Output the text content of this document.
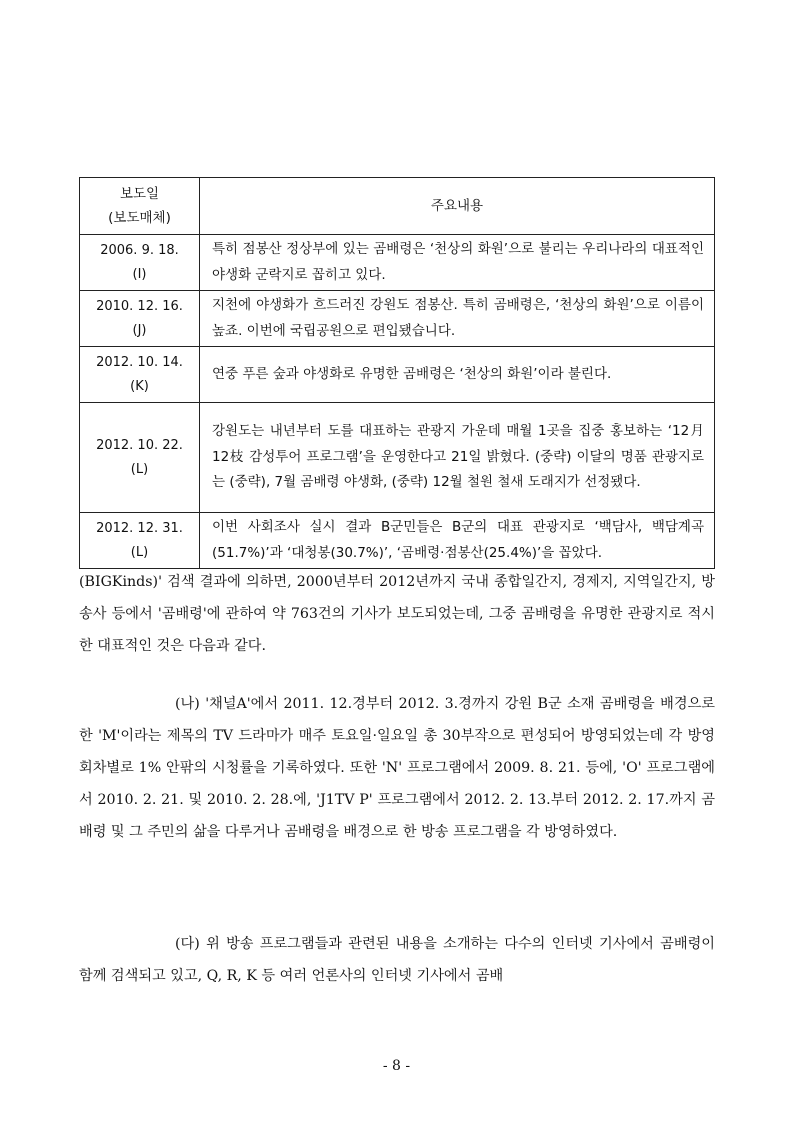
보도일
(보도매체)	주요내용

2006. 9. 18.
(I)	특히 점봉산 정상부에 있는 곰배령은 ‘천상의 화원’으로 불리는 우리나라의 대표적인 야생화 군락지로 꼽히고 있다.

2010. 12. 16.
(J)	지천에 야생화가 흐드러진 강원도 점봉산. 특히 곰배령은, ‘천상의 화원’으로 이름이 높죠. 이번에 국립공원으로 편입됐습니다.

2012. 10. 14.
(K)	연중 푸른 숲과 야생화로 유명한 곰배령은 ‘천상의 화원’이라 불린다.

2012. 10. 22.
(L)	강원도는 내년부터 도를 대표하는 관광지 가운데 매월 1곳을 집중 홍보하는 ‘12月 12枝 감성투어 프로그램’을 운영한다고 21일 밝혔다. (중략) 이달의 명품 관광지로는 (중략), 7월 곰배령 야생화, (중략) 12월 철원 철새 도래지가 선정됐다.

2012. 12. 31.
(L)	이번 사회조사 실시 결과 B군민들은 B군의 대표 관광지로 ‘백담사, 백담계곡(51.7%)’과 ‘대청봉(30.7%)’, ‘곰배령·점봉산(25.4%)’을 꼽았다.

(BIGKinds)' 검색 결과에 의하면, 2000년부터 2012년까지 국내 종합일간지, 경제지, 지역일간지, 방송사 등에서 '곰배령'에 관하여 약 763건의 기사가 보도되었는데, 그중 곰배령을 유명한 관광지로 적시한 대표적인 것은 다음과 같다.

(나) '채널A'에서 2011. 12.경부터 2012. 3.경까지 강원 B군 소재 곰배령을 배경으로 한 'M'이라는 제목의 TV 드라마가 매주 토요일·일요일 총 30부작으로 편성되어 방영되었는데 각 방영 회차별로 1% 안팎의 시청률을 기록하였다. 또한 'N' 프로그램에서 2009. 8. 21. 등에, 'O' 프로그램에서 2010. 2. 21. 및 2010. 2. 28.에, 'J1TV P' 프로그램에서 2012. 2. 13.부터 2012. 2. 17.까지 곰배령 및 그 주민의 삶을 다루거나 곰배령을 배경으로 한 방송 프로그램을 각 방영하였다.

(다) 위 방송 프로그램들과 관련된 내용을 소개하는 다수의 인터넷 기사에서 곰배령이 함께 검색되고 있고, Q, R, K 등 여러 언론사의 인터넷 기사에서 곰배

- 8 -
